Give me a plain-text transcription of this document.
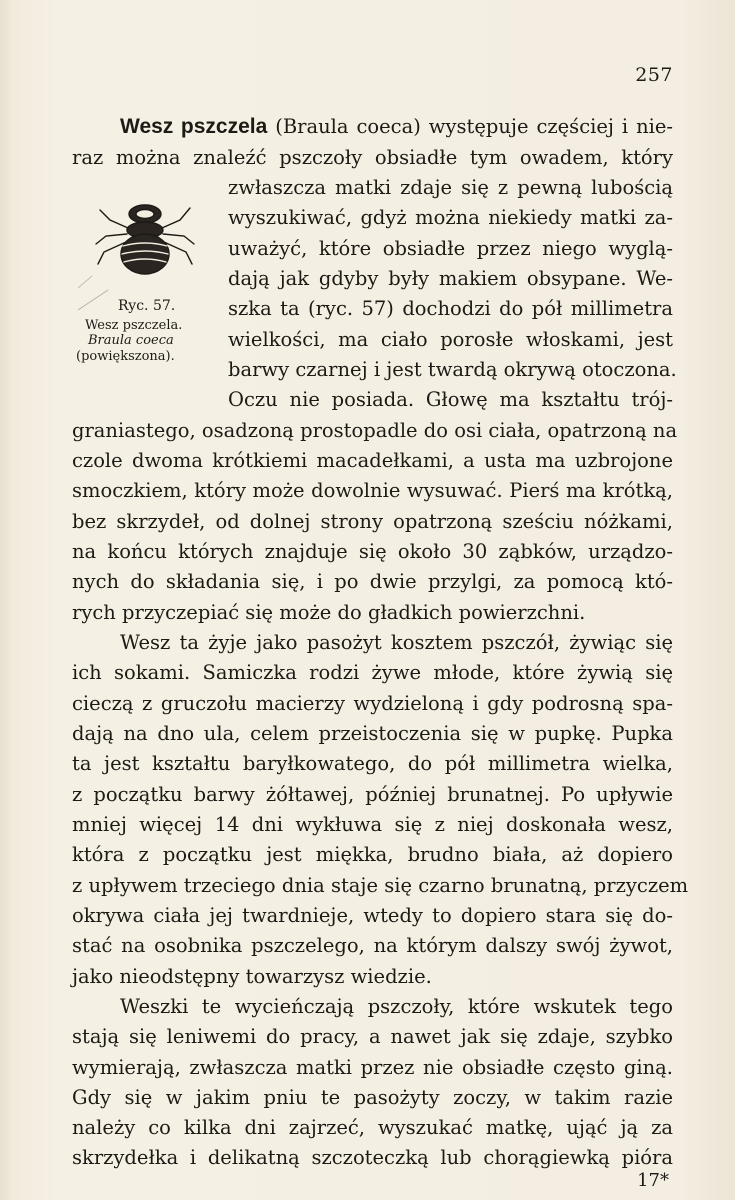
257
Ryc. 57.
Wesz pszczela.
Braula coeca
(powiększona).
Wesz pszczela (Braula coeca) występuje częściej i nie-
raz można znaleźć pszczoły obsiadłe tym owadem, który
zwłaszcza matki zdaje się z pewną lubością
wyszukiwać, gdyż można niekiedy matki za-
uważyć, które obsiadłe przez niego wyglą-
dają jak gdyby były makiem obsypane. We-
szka ta (ryc. 57) dochodzi do pół millimetra
wielkości, ma ciało porosłe włoskami, jest
barwy czarnej i jest twardą okrywą otoczona.
Oczu nie posiada. Głowę ma kształtu trój-
graniastego, osadzoną prostopadle do osi ciała, opatrzoną na
czole dwoma krótkiemi macadełkami, a usta ma uzbrojone
smoczkiem, który może dowolnie wysuwać. Pierś ma krótką,
bez skrzydeł, od dolnej strony opatrzoną sześciu nóżkami,
na końcu których znajduje się około 30 ząbków, urządzo-
nych do składania się, i po dwie przylgi, za pomocą któ-
rych przyczepiać się może do gładkich powierzchni.
Wesz ta żyje jako pasożyt kosztem pszczół, żywiąc się
ich sokami. Samiczka rodzi żywe młode, które żywią się
cieczą z gruczołu macierzy wydzieloną i gdy podrosną spa-
dają na dno ula, celem przeistoczenia się w pupkę. Pupka
ta jest kształtu baryłkowatego, do pół millimetra wielka,
z początku barwy żółtawej, później brunatnej. Po upływie
mniej więcej 14 dni wykłuwa się z niej doskonała wesz,
która z początku jest miękka, brudno biała, aż dopiero
z upływem trzeciego dnia staje się czarno brunatną, przyczem
okrywa ciała jej twardnieje, wtedy to dopiero stara się do-
stać na osobnika pszczelego, na którym dalszy swój żywot,
jako nieodstępny towarzysz wiedzie.
Weszki te wycieńczają pszczoły, które wskutek tego
stają się leniwemi do pracy, a nawet jak się zdaje, szybko
wymierają, zwłaszcza matki przez nie obsiadłe często giną.
Gdy się w jakim pniu te pasożyty zoczy, w takim razie
należy co kilka dni zajrzeć, wyszukać matkę, ująć ją za
skrzydełka i delikatną szczoteczką lub chorągiewką pióra
17*
